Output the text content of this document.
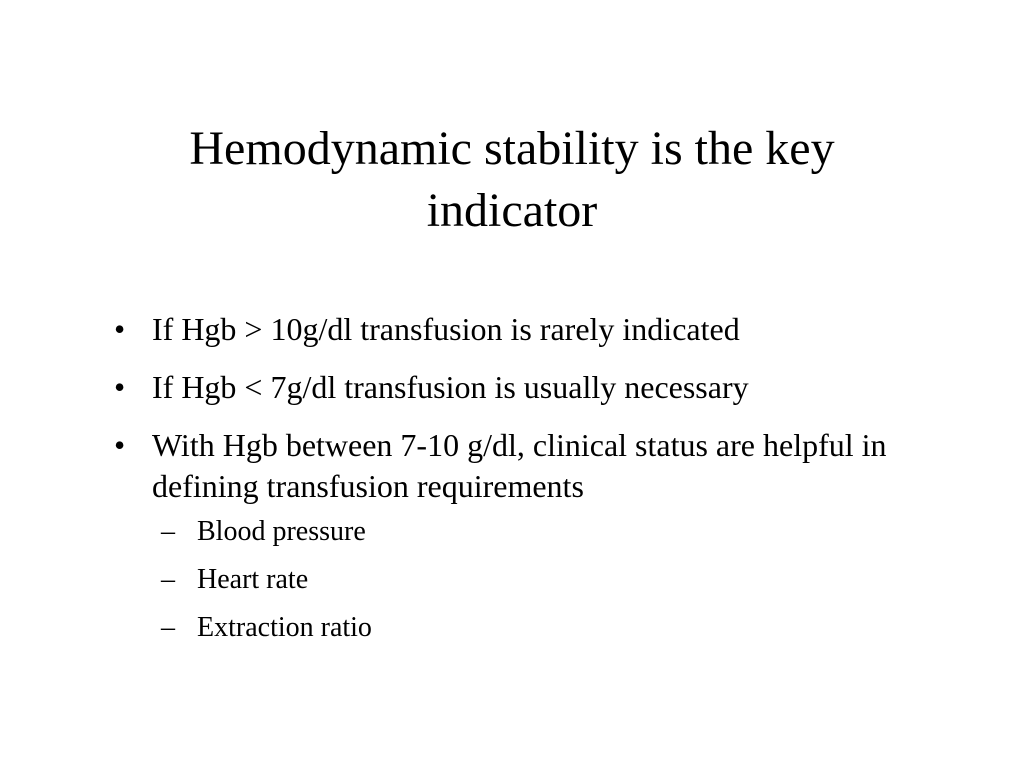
Hemodynamic stability is the key
indicator
• If Hgb > 10g/dl transfusion is rarely indicated
• If Hgb < 7g/dl transfusion is usually necessary
• With Hgb between 7-10 g/dl, clinical status are helpful in defining transfusion requirements
– Blood pressure
– Heart rate
– Extraction ratio
